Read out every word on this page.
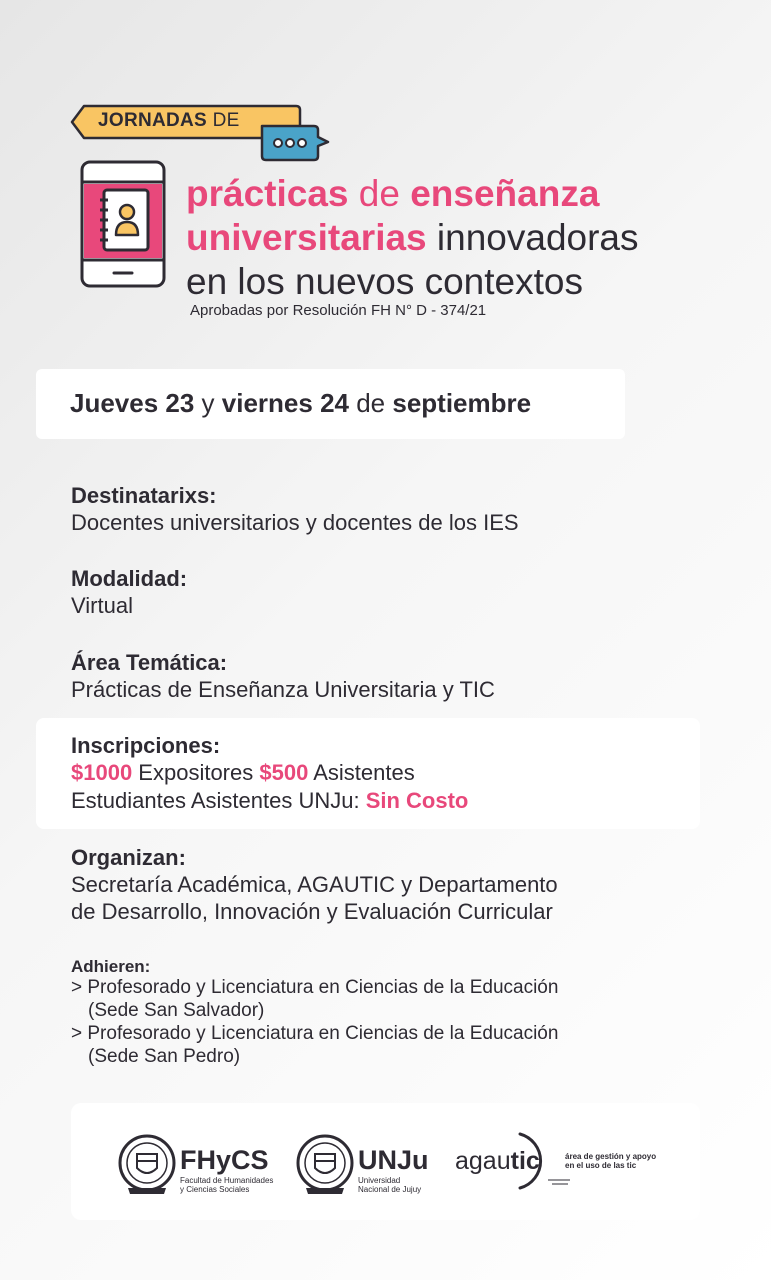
JORNADAS DE
prácticas de enseñanza
universitarias innovadoras
en los nuevos contextos
Aprobadas por Resolución FH N° D - 374/21
Jueves 23 y viernes 24 de septiembre
Destinatarixs:
Docentes universitarios y docentes de los IES
Modalidad:
Virtual
Área Temática:
Prácticas de Enseñanza Universitaria y TIC
Inscripciones:
$1000 Expositores $500 Asistentes
Estudiantes Asistentes UNJu: Sin Costo
Organizan:
Secretaría Académica, AGAUTIC y Departamento
de Desarrollo, Innovación y Evaluación Curricular
Adhieren:
> Profesorado y Licenciatura en Ciencias de la Educación
(Sede San Salvador)
> Profesorado y Licenciatura en Ciencias de la Educación
(Sede San Pedro)
FHyCS
Facultad de Humanidades
y Ciencias Sociales
UNJu
Universidad
Nacional de Jujuy
agautic	área de gestión y apoyo
en el uso de las tic
